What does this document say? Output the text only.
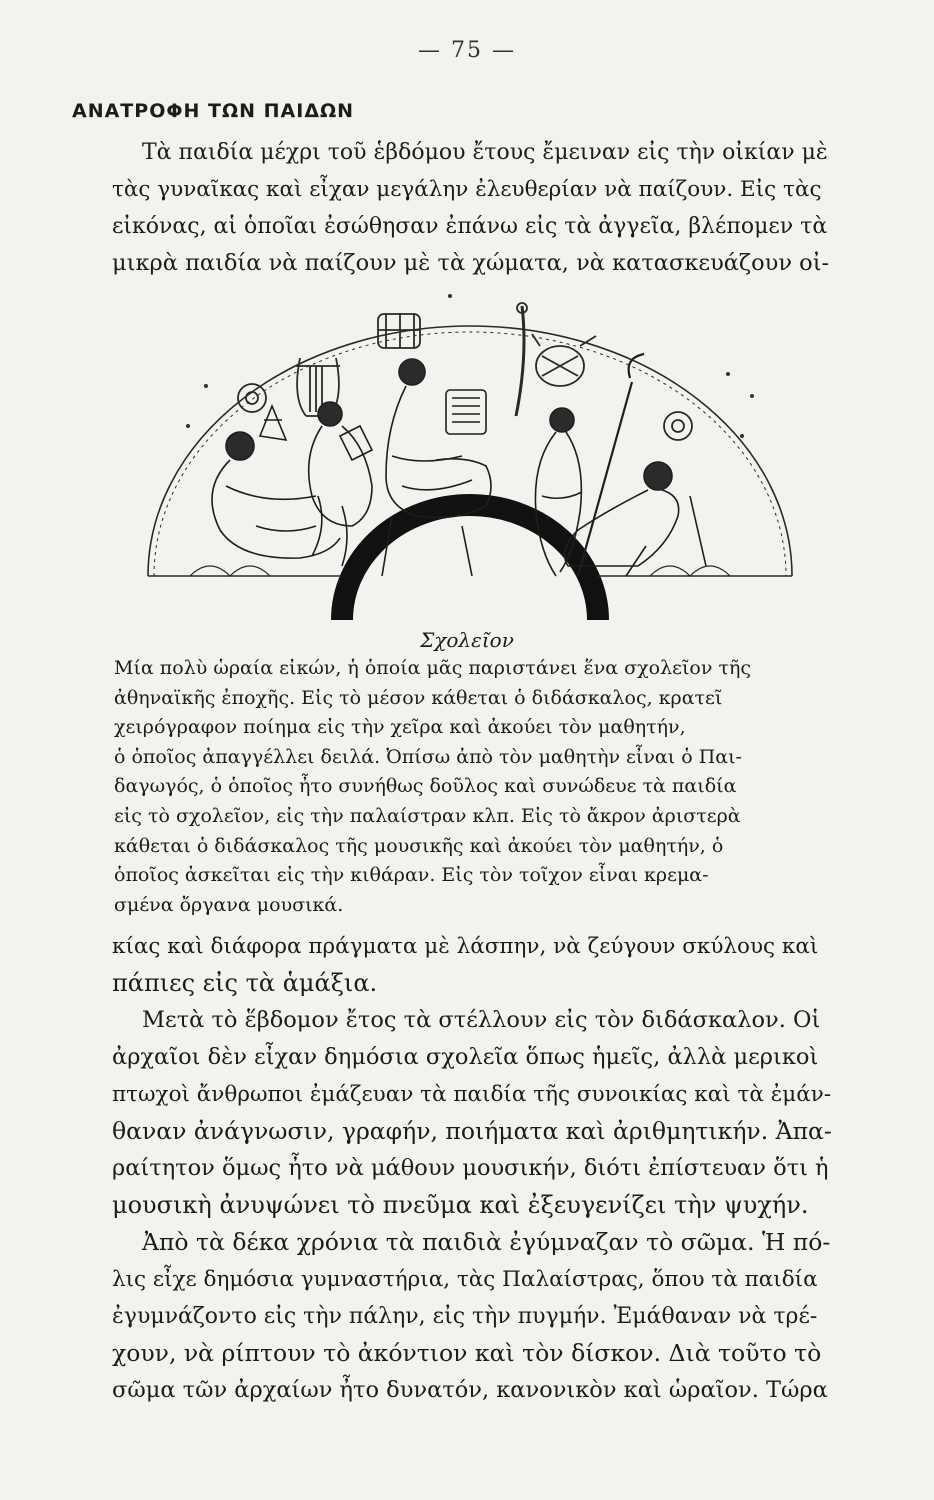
— 75 —
ΑΝΑΤΡΟΦΗ ΤΩΝ ΠΑΙΔΩΝ
Τὰ παιδία μέχρι τοῦ ἑβδόμου ἔτους ἔμειναν εἰς τὴν οἰκίαν μὲ
τὰς γυναῖκας καὶ εἶχαν μεγάλην ἐλευθερίαν νὰ παίζουν. Εἰς τὰς
εἰκόνας, αἱ ὁποῖαι ἐσώθησαν ἐπάνω εἰς τὰ ἀγγεῖα, βλέπομεν τὰ
μικρὰ παιδία νὰ παίζουν μὲ τὰ χώματα, νὰ κατασκευάζουν οἰ-
Σχολεῖον
Μία πολὺ ὡραία εἰκών, ἡ ὁποία μᾶς παριστάνει ἕνα σχολεῖον τῆς
ἀθηναϊκῆς ἐποχῆς. Εἰς τὸ μέσον κάθεται ὁ διδάσκαλος, κρατεῖ
χειρόγραφον ποίημα εἰς τὴν χεῖρα καὶ ἀκούει τὸν μαθητήν,
ὁ ὁποῖος ἀπαγγέλλει δειλά. Ὀπίσω ἀπὸ τὸν μαθητὴν εἶναι ὁ Παι-
δαγωγός, ὁ ὁποῖος ἦτο συνήθως δοῦλος καὶ συνώδευε τὰ παιδία
εἰς τὸ σχολεῖον, εἰς τὴν παλαίστραν κλπ. Εἰς τὸ ἄκρον ἀριστερὰ
κάθεται ὁ διδάσκαλος τῆς μουσικῆς καὶ ἀκούει τὸν μαθητήν, ὁ
ὁποῖος ἀσκεῖται εἰς τὴν κιθάραν. Εἰς τὸν τοῖχον εἶναι κρεμα-
σμένα ὄργανα μουσικά.
κίας καὶ διάφορα πράγματα μὲ λάσπην, νὰ ζεύγουν σκύλους καὶ
πάπιες εἰς τὰ ἁμάξια.
Μετὰ τὸ ἕβδομον ἔτος τὰ στέλλουν εἰς τὸν διδάσκαλον. Οἱ
ἀρχαῖοι δὲν εἶχαν δημόσια σχολεῖα ὅπως ἡμεῖς, ἀλλὰ μερικοὶ
πτωχοὶ ἄνθρωποι ἐμάζευαν τὰ παιδία τῆς συνοικίας καὶ τὰ ἐμάν-
θαναν ἀνάγνωσιν, γραφήν, ποιήματα καὶ ἀριθμητικήν. Ἀπα-
ραίτητον ὅμως ἦτο νὰ μάθουν μουσικήν, διότι ἐπίστευαν ὅτι ἡ
μουσικὴ ἀνυψώνει τὸ πνεῦμα καὶ ἐξευγενίζει τὴν ψυχήν.
Ἀπὸ τὰ δέκα χρόνια τὰ παιδιὰ ἐγύμναζαν τὸ σῶμα. Ἡ πό-
λις εἶχε δημόσια γυμναστήρια, τὰς Παλαίστρας, ὅπου τὰ παιδία
ἐγυμνάζοντο εἰς τὴν πάλην, εἰς τὴν πυγμήν. Ἐμάθαναν νὰ τρέ-
χουν, νὰ ρίπτουν τὸ ἀκόντιον καὶ τὸν δίσκον. Διὰ τοῦτο τὸ
σῶμα τῶν ἀρχαίων ἦτο δυνατόν, κανονικὸν καὶ ὡραῖον. Τώρα
